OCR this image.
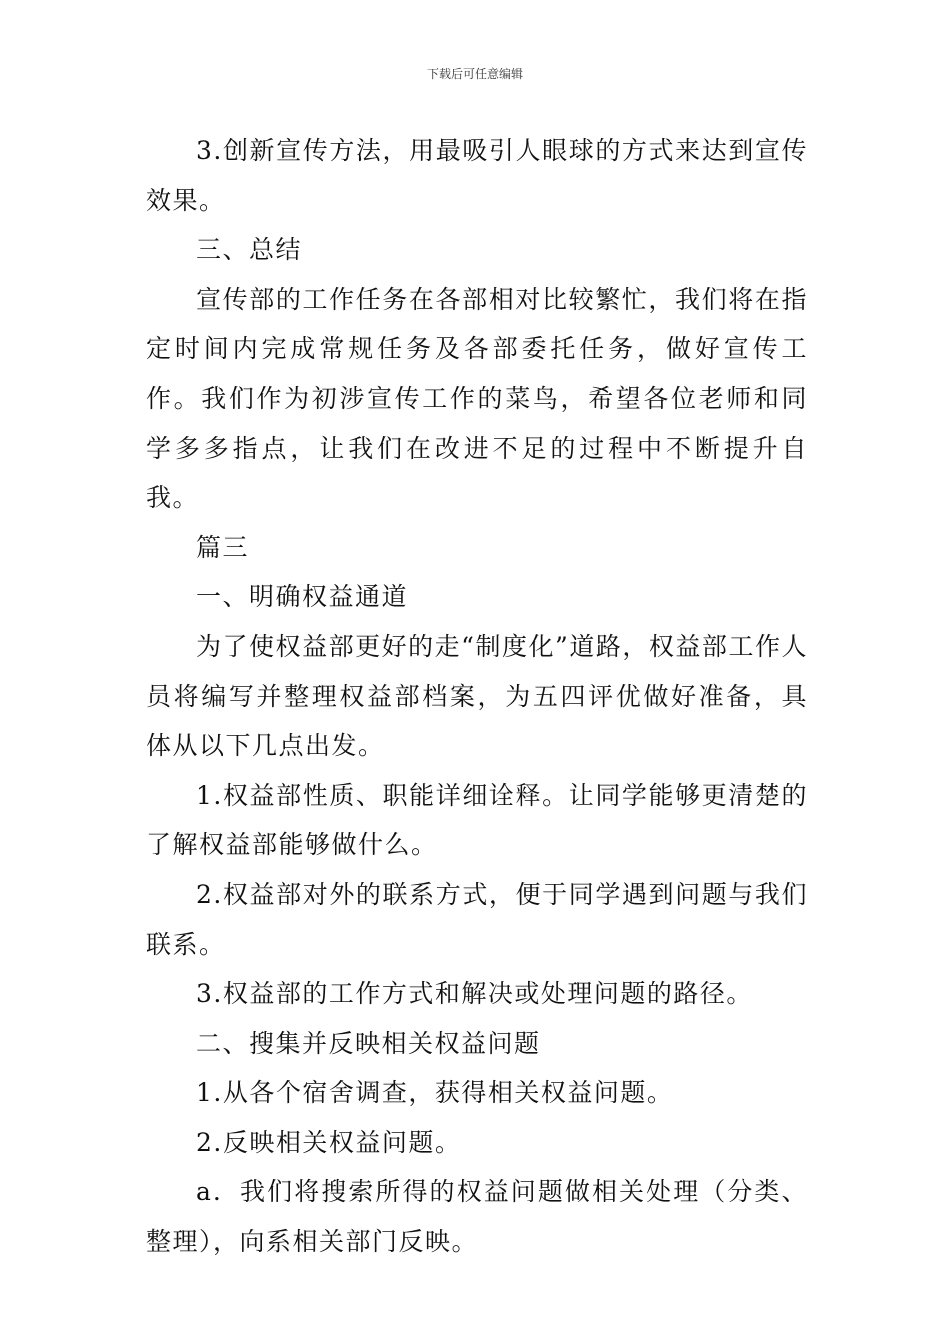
下载后可任意编辑

3.创新宣传方法，用最吸引人眼球的方式来达到宣传效果。

三、总结

宣传部的工作任务在各部相对比较繁忙，我们将在指定时间内完成常规任务及各部委托任务，做好宣传工作。我们作为初涉宣传工作的菜鸟，希望各位老师和同学多多指点，让我们在改进不足的过程中不断提升自我。

篇三

一、明确权益通道

为了使权益部更好的走“制度化”道路，权益部工作人员将编写并整理权益部档案，为五四评优做好准备，具体从以下几点出发。

1.权益部性质、职能详细诠释。让同学能够更清楚的了解权益部能够做什么。

2.权益部对外的联系方式，便于同学遇到问题与我们联系。

3.权益部的工作方式和解决或处理问题的路径。

二、搜集并反映相关权益问题

1.从各个宿舍调查，获得相关权益问题。

2.反映相关权益问题。

a．我们将搜索所得的权益问题做相关处理（分类、整理），向系相关部门反映。
